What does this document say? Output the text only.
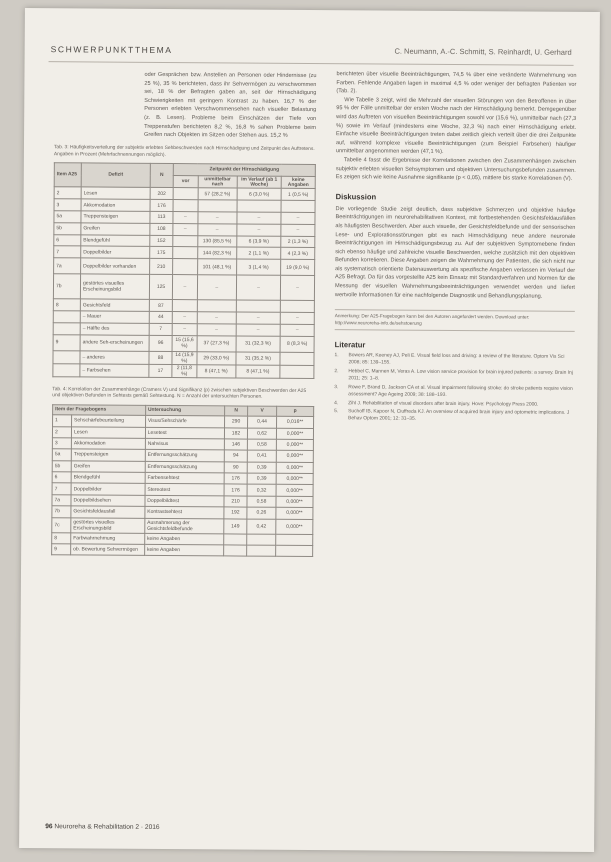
SCHWERPUNKTTHEMA	C. Neumann, A.-C. Schmitt, S. Reinhardt, U. Gerhard

oder Gesprächen bzw. Anstellen an Personen oder Hindernisse (zu 25 %), 35 % berichteten, dass ihr Sehvermögen zu verschwommen sei, 18 % der Befragten gaben an, seit der Hirnschädigung Schwierigkeiten mit geringem Kontrast zu haben. 16,7 % der Personen erlebten Verschwommensehen nach visueller Belastung (z. B. Lesen). Probleme beim Einschätzen der Tiefe von Treppenstufen berichteten 8,2 %, 16,8 % sahen Probleme beim Greifen nach Objekten im Sitzen oder Stehen aus. 15,2 %

Tab. 3: Häufigkeitsverteilung der subjektiv erlebten Sehbeschwerden nach Hirnschädigung und Zeitpunkt des Auftretens. Angaben in Prozent (Mehrfachnennungen möglich).

Item A25	Defizit	N	Zeitpunkt der Hirnschädigung			
			vor	unmittelbar nach	im Verlauf (ab 1 Woche)	keine Angaben
2	Lesen	202		57 (28,2 %)	6 (3,0 %)	1 (0,5 %)
3	Akkomodation	176				
5a	Treppensteigen	113	–	–	–	–
5b	Greifen	108	–	–	–	–
6	Blendgefühl	152		130 (85,5 %)	6 (3,9 %)	2 (1,3 %)
7	Doppelbilder	175		144 (82,3 %)	2 (1,1 %)	4 (2,3 %)
7a	Doppelbilder vorhanden	210		101 (48,1 %)	3 (1,4 %)	19 (9,0 %)
7b	gestörtes visuelles Erscheinungsbild	125	–	–	–	–
8	Gesichtsfeld	87				
	– Mauer	44	–	–	–	–
	– Hälfte des	7	–	–	–	–
9	andere Seh-erscheinungen	96	15 (15,6 %)	37 (27,3 %)	31 (32,3 %)	8 (8,3 %)
	– anderes	88	14 (15,9 %)	29 (33,0 %)	31 (35,2 %)	
	– Farbsehen	17	2 (11,8 %)	8 (47,1 %)	8 (47,1 %)	

Tab. 4: Korrelation der Zusammenhänge (Cramers V) und Signifikanz (p) zwischen subjektiven Beschwerden der A25 und objektiven Befunden in Sehtests gemäß Sehtestung. N = Anzahl der untersuchten Personen.

Item der Fragebogens		Untersuchung	N	V	p
1	Sehschärfebeurteilung	Visus/Sehschärfe	290	0,44	0,016**
2	Lesen	Lesetest	182	0,62	0,000**
3	Akkomodation	Nahvisus	146	0,58	0,000**
5a	Treppensteigen	Entfernungsschätzung	94	0,41	0,000**
5b	Greifen	Entfernungsschätzung	90	0,39	0,000**
6	Blendgefühl	Farbensehtest	176	0,39	0,000**
7	Doppelbilder	Stereotest	176	0,32	0,000**
7a	Doppelbildsehen	Doppelbildtest	210	0,58	0,000**
7b	Gesichtsfeldausfall	Kontrastsehtest	192	0,26	0,000**
7c	gestörtes visuelles Erscheinungsbild	Ausnahmerung der Gesichtsfeldbefunde	149	0,42	0,000**
8	Farbwahrnehmung	keine Angaben			
9	ob. Bewertung Sehvermögen	keine Angaben			

berichteten über visuelle Beeinträchtigungen, 74,5 % über eine veränderte Wahrnehmung von Farben. Fehlende Angaben lagen in maximal 4,5 % oder weniger der befragten Patienten vor (Tab. 2).

Wie Tabelle 3 zeigt, wird die Mehrzahl der visuellen Störungen von den Betroffenen in über 95 % der Fälle unmittelbar der ersten Woche nach der Hirnschädigung bemerkt. Demgegenüber wird das Auftreten von visuellen Beeinträchtigungen sowohl vor (15,6 %), unmittelbar nach (27,3 %) sowie im Verlauf (mindestens eine Woche, 32,3 %) nach einer Hirnschädigung erlebt. Einfache visuelle Beeinträchtigungen treten dabei zeitlich gleich verteilt über die drei Zeitpunkte auf, während komplexe visuelle Beeinträchtigungen (zum Beispiel Farbsehen) häufiger unmittelbar angenommen werden (47,1 %).

Tabelle 4 fasst die Ergebnisse der Korrelationen zwischen den Zusammenhängen zwischen subjektiv erlebten visuellen Sehsymptomen und objektiven Untersuchungsbefunden zusammen. Es zeigen sich wie keine Ausnahme signifikante (p < 0,05), mittlere bis starke Korrelationen (V).

Diskussion

Die vorliegende Studie zeigt deutlich, dass subjektive Schmerzen und objektive häufige Beeinträchtigungen im neurorehabilitativen Kontext, mit fortbestehenden Gesichtsfeldausfällen als häufigsten Beschwerden. Aber auch visuelle, der Gesichtsfeldbefunde und der sensorischen Lese- und Explorationsstörungen gibt es nach Hirnschädigung neue andere neuronale Beeinträchtigungen im Hirnschädigungsbezug zu. Auf der subjektiven Symptomebene finden sich ebenso häufige und zahlreiche visuelle Beschwerden, welche zusätzlich mit den objektiven Befunden korrelieren. Diese Angaben zeigen die Wahrnehmung der Patienten, die sich nicht nur als systematisch orientierte Datenauswertung als spezifische Angaben verlassen im Verlauf der A25 Befragt. Da für das vorgestellte A25 kein Einsatz mit Standardverfahren und Normen für die Messung der visuellen Wahrnehmungsbeeinträchtigungen verwendet werden und liefert wertvolle Informationen für eine nachfolgende Diagnostik und Behandlungsplanung.

Anmerkung: Der A25-Fragebogen kann bei den Autoren angefordert werden. Download unter: http://www.neuroreha-info.de/sehstoerung

Literatur
1. Bowers AR, Keeney AJ, Peli E. Visual field loss and driving: a review of the literature. Optom Vis Sci 2008; 85: 139–155.
2. Hebbel C, Mannen M, Veras A. Low vision service provision for brain injured patients: a survey. Brain Inj 2011; 25: 1–8.
3. Rowe F, Brand D, Jackson CA et al. Visual impairment following stroke: do stroke patients require vision assessment? Age Ageing 2009; 38: 188–193.
4. Zihl J. Rehabilitation of visual disorders after brain injury. Hove: Psychology Press 2000.
5. Suchoff IB, Kapoor N, Ciuffreda KJ. An overview of acquired brain injury and optometric implications. J Behav Optom 2001; 12: 31–35.
96 Neuroreha & Rehabilitation 2 · 2016
